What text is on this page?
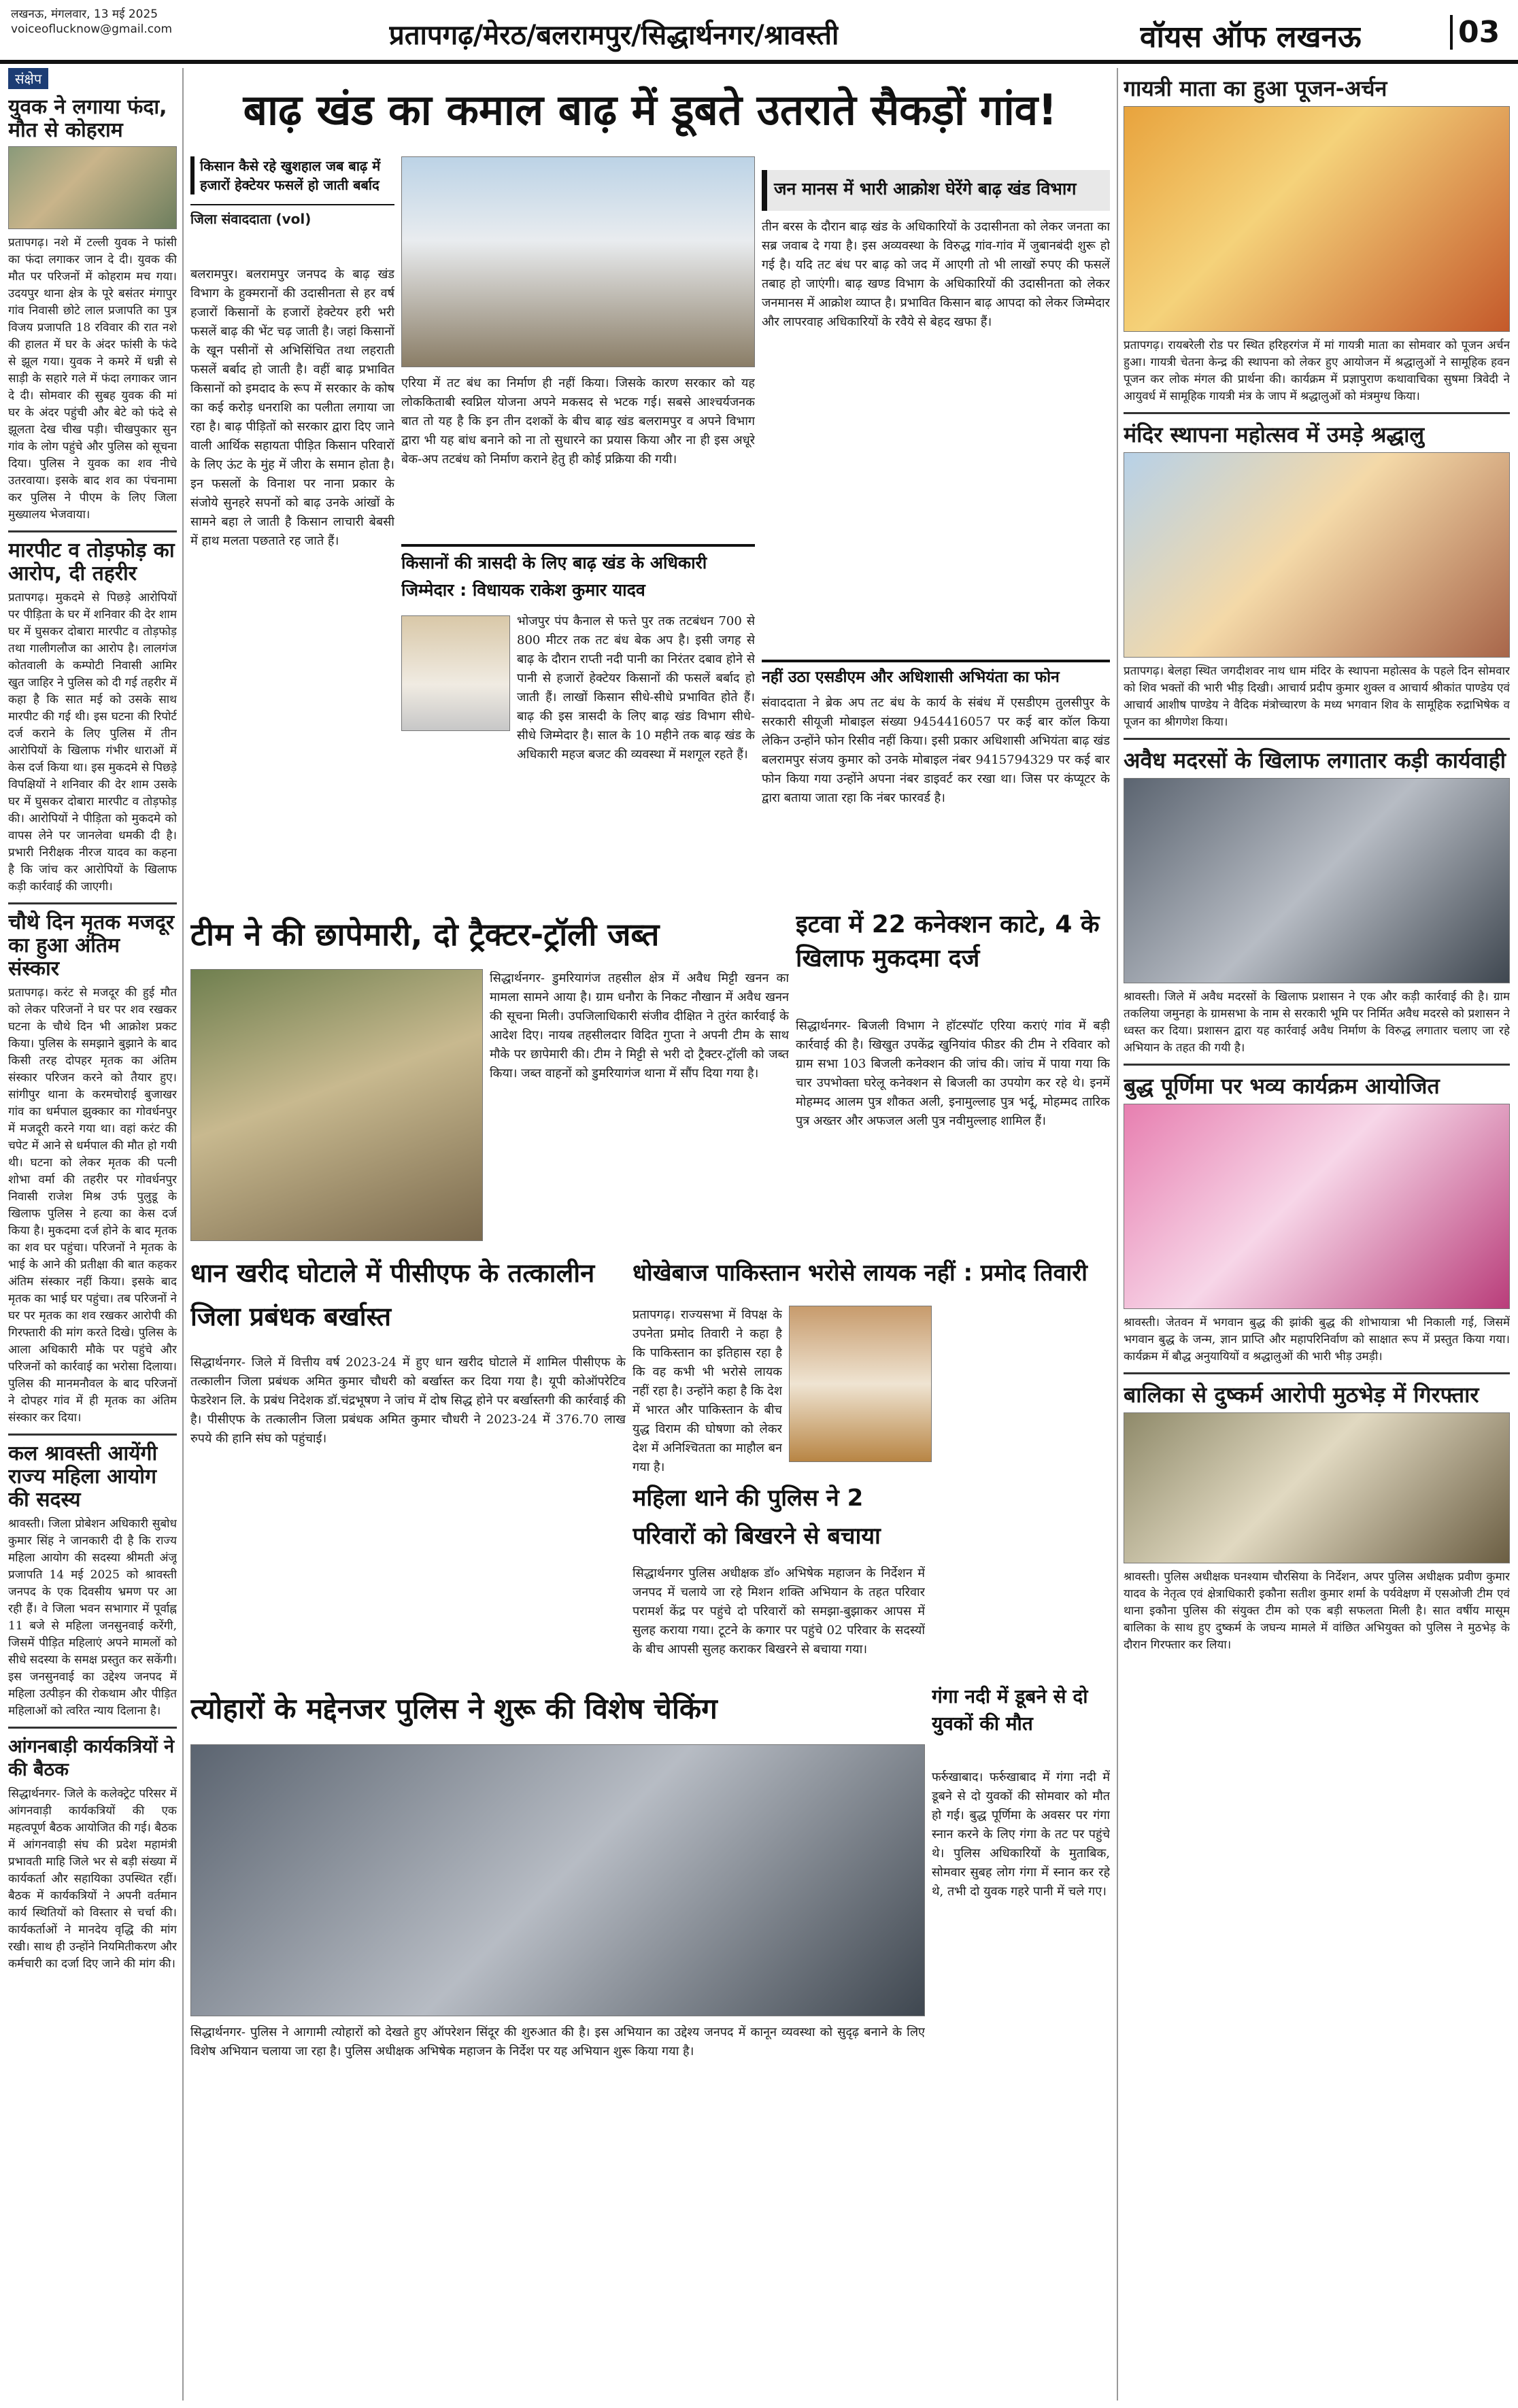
लखनऊ, मंगलवार, 13 मई 2025
voiceoflucknow@gmail.com	प्रतापगढ़/मेरठ/बलरामपुर/सिद्धार्थनगर/श्रावस्ती	वॉयस ऑफ लखनऊ	03
संक्षेप
युवक ने लगाया फंदा, मौत से कोहराम

प्रतापगढ़। नशे में टल्ली युवक ने फांसी का फंदा लगाकर जान दे दी। युवक की मौत पर परिजनों में कोहराम मच गया। उदयपुर थाना क्षेत्र के पूरे बसंतर मंगापुर गांव निवासी छोटे लाल प्रजापति का पुत्र विजय प्रजापति 18 रविवार की रात नशे की हालत में घर के अंदर फांसी के फंदे से झूल गया। युवक ने कमरे में धन्नी से साड़ी के सहारे गले में फंदा लगाकर जान दे दी। सोमवार की सुबह युवक की मां घर के अंदर पहुंची और बेटे को फंदे से झूलता देख चीख पड़ी। चीखपुकार सुन गांव के लोग पहुंचे और पुलिस को सूचना दिया। पुलिस ने युवक का शव नीचे उतरवाया। इसके बाद शव का पंचनामा कर पुलिस ने पीएम के लिए जिला मुख्यालय भेजवाया।

मारपीट व तोड़फोड़ का आरोप, दी तहरीर

प्रतापगढ़। मुकदमे से पिछड़े आरोपियों पर पीड़िता के घर में शनिवार की देर शाम घर में घुसकर दोबारा मारपीट व तोड़फोड़ तथा गालीगलौज का आरोप है। लालगंज कोतवाली के कम्पोटी निवासी आमिर खुत जाहिर ने पुलिस को दी गई तहरीर में कहा है कि सात मई को उसके साथ मारपीट की गई थी। इस घटना की रिपोर्ट दर्ज कराने के लिए पुलिस में तीन आरोपियों के खिलाफ गंभीर धाराओं में केस दर्ज किया था। इस मुकदमे से पिछड़े विपक्षियों ने शनिवार की देर शाम उसके घर में घुसकर दोबारा मारपीट व तोड़फोड़ की। आरोपियों ने पीड़िता को मुकदमे को वापस लेने पर जानलेवा धमकी दी है। प्रभारी निरीक्षक नीरज यादव का कहना है कि जांच कर आरोपियों के खिलाफ कड़ी कार्रवाई की जाएगी।

चौथे दिन मृतक मजदूर का हुआ अंतिम संस्कार

प्रतापगढ़। करंट से मजदूर की हुई मौत को लेकर परिजनों ने घर पर शव रखकर घटना के चौथे दिन भी आक्रोश प्रकट किया। पुलिस के समझाने बुझाने के बाद किसी तरह दोपहर मृतक का अंतिम संस्कार परिजन करने को तैयार हुए। सांगीपुर थाना के करमचोराई बुजाखर गांव का धर्मपाल झुक्कार का गोवर्धनपुर में मजदूरी करने गया था। वहां करंट की चपेट में आने से धर्मपाल की मौत हो गयी थी। घटना को लेकर मृतक की पत्नी शोभा वर्मा की तहरीर पर गोवर्धनपुर निवासी राजेश मिश्र उर्फ पुलुडू के खिलाफ पुलिस ने हत्या का केस दर्ज किया है। मुकदमा दर्ज होने के बाद मृतक का शव घर पहुंचा। परिजनों ने मृतक के भाई के आने की प्रतीक्षा की बात कहकर अंतिम संस्कार नहीं किया। इसके बाद मृतक का भाई घर पहुंचा। तब परिजनों ने घर पर मृतक का शव रखकर आरोपी की गिरफ्तारी की मांग करते दिखे। पुलिस के आला अधिकारी मौके पर पहुंचे और परिजनों को कार्रवाई का भरोसा दिलाया। पुलिस की मानमनौवल के बाद परिजनों ने दोपहर गांव में ही मृतक का अंतिम संस्कार कर दिया।

कल श्रावस्ती आयेंगी राज्य महिला आयोग की सदस्य

श्रावस्ती। जिला प्रोबेशन अधिकारी सुबोध कुमार सिंह ने जानकारी दी है कि राज्य महिला आयोग की सदस्या श्रीमती अंजू प्रजापति 14 मई 2025 को श्रावस्ती जनपद के एक दिवसीय भ्रमण पर आ रही हैं। वे जिला भवन सभागार में पूर्वाह्न 11 बजे से महिला जनसुनवाई करेंगी, जिसमें पीड़ित महिलाएं अपने मामलों को सीधे सदस्या के समक्ष प्रस्तुत कर सकेंगी। इस जनसुनवाई का उद्देश्य जनपद में महिला उत्पीड़न की रोकथाम और पीड़ित महिलाओं को त्वरित न्याय दिलाना है।

आंगनबाड़ी कार्यकत्रियों ने की बैठक

सिद्धार्थनगर- जिले के कलेक्ट्रेट परिसर में आंगनवाड़ी कार्यकत्रियों की एक महत्वपूर्ण बैठक आयोजित की गई। बैठक में आंगनवाड़ी संघ की प्रदेश महामंत्री प्रभावती माहि जिले भर से बड़ी संख्या में कार्यकर्ता और सहायिका उपस्थित रहीं। बैठक में कार्यकत्रियों ने अपनी वर्तमान कार्य स्थितियों को विस्तार से चर्चा की। कार्यकर्ताओं ने मानदेय वृद्धि की मांग रखी। साथ ही उन्होंने नियमितीकरण और कर्मचारी का दर्जा दिए जाने की मांग की।

बाढ़ खंड का कमाल बाढ़ में डूबते उतराते सैकड़ों गांव!
किसान कैसे रहे खुशहाल जब बाढ़ में हजारों हेक्टेयर फसलें हो जाती बर्बाद
जिला संवाददाता (vol)
जन मानस में भारी आक्रोश घेरेंगे बाढ़ खंड विभाग

तीन बरस के दौरान बाढ़ खंड के अधिकारियों के उदासीनता को लेकर जनता का सब्र जवाब दे गया है। इस अव्यवस्था के विरुद्ध गांव-गांव में जुबानबंदी शुरू हो गई है। यदि तट बंध पर बाढ़ को जद में आएगी तो भी लाखों रुपए की फसलें तबाह हो जाएंगी। बाढ़ खण्ड विभाग के अधिकारियों की उदासीनता को लेकर जनमानस में आक्रोश व्याप्त है। प्रभावित किसान बाढ़ आपदा को लेकर जिम्मेदार और लापरवाह अधिकारियों के रवैये से बेहद खफा हैं।

बलरामपुर। बलरामपुर जनपद के बाढ़ खंड विभाग के हुक्मरानों की उदासीनता से हर वर्ष हजारों किसानों के हजारों हेक्टेयर हरी भरी फसलें बाढ़ की भेंट चढ़ जाती है। जहां किसानों के खून पसीनों से अभिसिंचित तथा लहराती फसलें बर्बाद हो जाती है। वहीं बाढ़ प्रभावित किसानों को इमदाद के रूप में सरकार के कोष का कई करोड़ धनराशि का पलीता लगाया जा रहा है। बाढ़ पीड़ितों को सरकार द्वारा दिए जाने वाली आर्थिक सहायता पीड़ित किसान परिवारों के लिए ऊंट के मुंह में जीरा के समान होता है। इन फसलों के विनाश पर नाना प्रकार के संजोये सुनहरे सपनों को बाढ़ उनके आंखों के सामने बहा ले जाती है किसान लाचारी बेबसी में हाथ मलता पछताते रह जाते हैं।

एरिया में तट बंध का निर्माण ही नहीं किया। जिसके कारण सरकार को यह लोककिताबी स्वप्निल योजना अपने मकसद से भटक गई। सबसे आश्चर्यजनक बात तो यह है कि इन तीन दशकों के बीच बाढ़ खंड बलरामपुर व अपने विभाग द्वारा भी यह बांध बनाने को ना तो सुधारने का प्रयास किया और ना ही इस अधूरे बेक-अप तटबंध को निर्माण कराने हेतु ही कोई प्रक्रिया की गयी।

किसानों की त्रासदी के लिए बाढ़ खंड के अधिकारी जिम्मेदार : विधायक राकेश कुमार यादव

भोजपुर पंप कैनाल से फत्ते पुर तक तटबंधन 700 से 800 मीटर तक तट बंध बेक अप है। इसी जगह से बाढ़ के दौरान राप्ती नदी पानी का निरंतर दबाव होने से पानी से हजारों हेक्टेयर किसानों की फसलें बर्बाद हो जाती हैं। लाखों किसान सीधे-सीधे प्रभावित होते हैं। बाढ़ की इस त्रासदी के लिए बाढ़ खंड विभाग सीधे-सीधे जिम्मेदार है। साल के 10 महीने तक बाढ़ खंड के अधिकारी महज बजट की व्यवस्था में मशगूल रहते हैं।

नहीं उठा एसडीएम और अधिशासी अभियंता का फोन

संवाददाता ने ब्रेक अप तट बंध के कार्य के संबंध में एसडीएम तुलसीपुर के सरकारी सीयूजी मोबाइल संख्या 9454416057 पर कई बार कॉल किया लेकिन उन्होंने फोन रिसीव नहीं किया। इसी प्रकार अधिशासी अभियंता बाढ़ खंड बलरामपुर संजय कुमार को उनके मोबाइल नंबर 9415794329 पर कई बार फोन किया गया उन्होंने अपना नंबर डाइवर्ट कर रखा था। जिस पर कंप्यूटर के द्वारा बताया जाता रहा कि नंबर फारवर्ड है।

टीम ने की छापेमारी, दो ट्रैक्टर-ट्रॉली जब्त

सिद्धार्थनगर- डुमरियागंज तहसील क्षेत्र में अवैध मिट्टी खनन का मामला सामने आया है। ग्राम धनौरा के निकट नौखान में अवैध खनन की सूचना मिली। उपजिलाधिकारी संजीव दीक्षित ने तुरंत कार्रवाई के आदेश दिए। नायब तहसीलदार विदित गुप्ता ने अपनी टीम के साथ मौके पर छापेमारी की। टीम ने मिट्टी से भरी दो ट्रैक्टर-ट्रॉली को जब्त किया। जब्त वाहनों को डुमरियागंज थाना में सौंप दिया गया है।

इटवा में 22 कनेक्शन काटे, 4 के खिलाफ मुकदमा दर्ज

सिद्धार्थनगर- बिजली विभाग ने हॉटस्पॉट एरिया कराएं गांव में बड़ी कार्रवाई की है। खिखुत उपकेंद्र खुनियांव फीडर की टीम ने रविवार को ग्राम सभा 103 बिजली कनेक्शन की जांच की। जांच में पाया गया कि चार उपभोक्ता घरेलू कनेक्शन से बिजली का उपयोग कर रहे थे। इनमें मोहम्मद आलम पुत्र शौकत अली, इनामुल्लाह पुत्र भर्दू, मोहम्मद तारिक पुत्र अख्तर और अफजल अली पुत्र नवीमुल्लाह शामिल हैं।

धान खरीद घोटाले में पीसीएफ के तत्कालीन जिला प्रबंधक बर्खास्त

सिद्धार्थनगर- जिले में वित्तीय वर्ष 2023-24 में हुए धान खरीद घोटाले में शामिल पीसीएफ के तत्कालीन जिला प्रबंधक अमित कुमार चौधरी को बर्खास्त कर दिया गया है। यूपी कोऑपरेटिव फेडरेशन लि. के प्रबंध निदेशक डॉ.चंद्रभूषण ने जांच में दोष सिद्ध होने पर बर्खास्तगी की कार्रवाई की है। पीसीएफ के तत्कालीन जिला प्रबंधक अमित कुमार चौधरी ने 2023-24 में 376.70 लाख रुपये की हानि संघ को पहुंचाई।

धोखेबाज पाकिस्तान भरोसे लायक नहीं : प्रमोद तिवारी

प्रतापगढ़। राज्यसभा में विपक्ष के उपनेता प्रमोद तिवारी ने कहा है कि पाकिस्तान का इतिहास रहा है कि वह कभी भी भरोसे लायक नहीं रहा है। उन्होंने कहा है कि देश में भारत और पाकिस्तान के बीच युद्ध विराम की घोषणा को लेकर देश में अनिश्चितता का माहौल बन गया है।

त्योहारों के मद्देनजर पुलिस ने शुरू की विशेष चेकिंग

सिद्धार्थनगर- पुलिस ने आगामी त्योहारों को देखते हुए ऑपरेशन सिंदूर की शुरुआत की है। इस अभियान का उद्देश्य जनपद में कानून व्यवस्था को सुदृढ़ बनाने के लिए विशेष अभियान चलाया जा रहा है। पुलिस अधीक्षक अभिषेक महाजन के निर्देश पर यह अभियान शुरू किया गया है।

गंगा नदी में डूबने से दो युवकों की मौत

फर्रुखाबाद। फर्रुखाबाद में गंगा नदी में डूबने से दो युवकों की सोमवार को मौत हो गई। बुद्ध पूर्णिमा के अवसर पर गंगा स्नान करने के लिए गंगा के तट पर पहुंचे थे। पुलिस अधिकारियों के मुताबिक, सोमवार सुबह लोग गंगा में स्नान कर रहे थे, तभी दो युवक गहरे पानी में चले गए।

महिला थाने की पुलिस ने 2 परिवारों को बिखरने से बचाया

सिद्धार्थनगर पुलिस अधीक्षक डॉ० अभिषेक महाजन के निर्देशन में जनपद में चलाये जा रहे मिशन शक्ति अभियान के तहत परिवार परामर्श केंद्र पर पहुंचे दो परिवारों को समझा-बुझाकर आपस में सुलह कराया गया। टूटने के कगार पर पहुंचे 02 परिवार के सदस्यों के बीच आपसी सुलह कराकर बिखरने से बचाया गया।

गायत्री माता का हुआ पूजन-अर्चन

प्रतापगढ़। रायबरेली रोड पर स्थित हरिहरगंज में मां गायत्री माता का सोमवार को पूजन अर्चन हुआ। गायत्री चेतना केन्द्र की स्थापना को लेकर हुए आयोजन में श्रद्धालुओं ने सामूहिक हवन पूजन कर लोक मंगल की प्रार्थना की। कार्यक्रम में प्रज्ञापुराण कथावाचिका सुषमा त्रिवेदी ने आयुवर्ध में सामूहिक गायत्री मंत्र के जाप में श्रद्धालुओं को मंत्रमुग्ध किया।

मंदिर स्थापना महोत्सव में उमड़े श्रद्धालु

प्रतापगढ़। बेलहा स्थित जगदीशवर नाथ धाम मंदिर के स्थापना महोत्सव के पहले दिन सोमवार को शिव भक्तों की भारी भीड़ दिखी। आचार्य प्रदीप कुमार शुक्ल व आचार्य श्रीकांत पाण्डेय एवं आचार्य आशीष पाण्डेय ने वैदिक मंत्रोच्चारण के मध्य भगवान शिव के सामूहिक रुद्राभिषेक व पूजन का श्रीगणेश किया।

अवैध मदरसों के खिलाफ लगातार कड़ी कार्यवाही

श्रावस्ती। जिले में अवैध मदरसों के खिलाफ प्रशासन ने एक और कड़ी कार्रवाई की है। ग्राम तकलिया जमुनहा के ग्रामसभा के नाम से सरकारी भूमि पर निर्मित अवैध मदरसे को प्रशासन ने ध्वस्त कर दिया। प्रशासन द्वारा यह कार्रवाई अवैध निर्माण के विरुद्ध लगातार चलाए जा रहे अभियान के तहत की गयी है।

बुद्ध पूर्णिमा पर भव्य कार्यक्रम आयोजित

श्रावस्ती। जेतवन में भगवान बुद्ध की झांकी बुद्ध की शोभायात्रा भी निकाली गई, जिसमें भगवान बुद्ध के जन्म, ज्ञान प्राप्ति और महापरिनिर्वाण को साक्षात रूप में प्रस्तुत किया गया। कार्यक्रम में बौद्ध अनुयायियों व श्रद्धालुओं की भारी भीड़ उमड़ी।

बालिका से दुष्कर्म आरोपी मुठभेड़ में गिरफ्तार

श्रावस्ती। पुलिस अधीक्षक घनश्याम चौरसिया के निर्देशन, अपर पुलिस अधीक्षक प्रवीण कुमार यादव के नेतृत्व एवं क्षेत्राधिकारी इकौना सतीश कुमार शर्मा के पर्यवेक्षण में एसओजी टीम एवं थाना इकौना पुलिस की संयुक्त टीम को एक बड़ी सफलता मिली है। सात वर्षीय मासूम बालिका के साथ हुए दुष्कर्म के जघन्य मामले में वांछित अभियुक्त को पुलिस ने मुठभेड़ के दौरान गिरफ्तार कर लिया।
